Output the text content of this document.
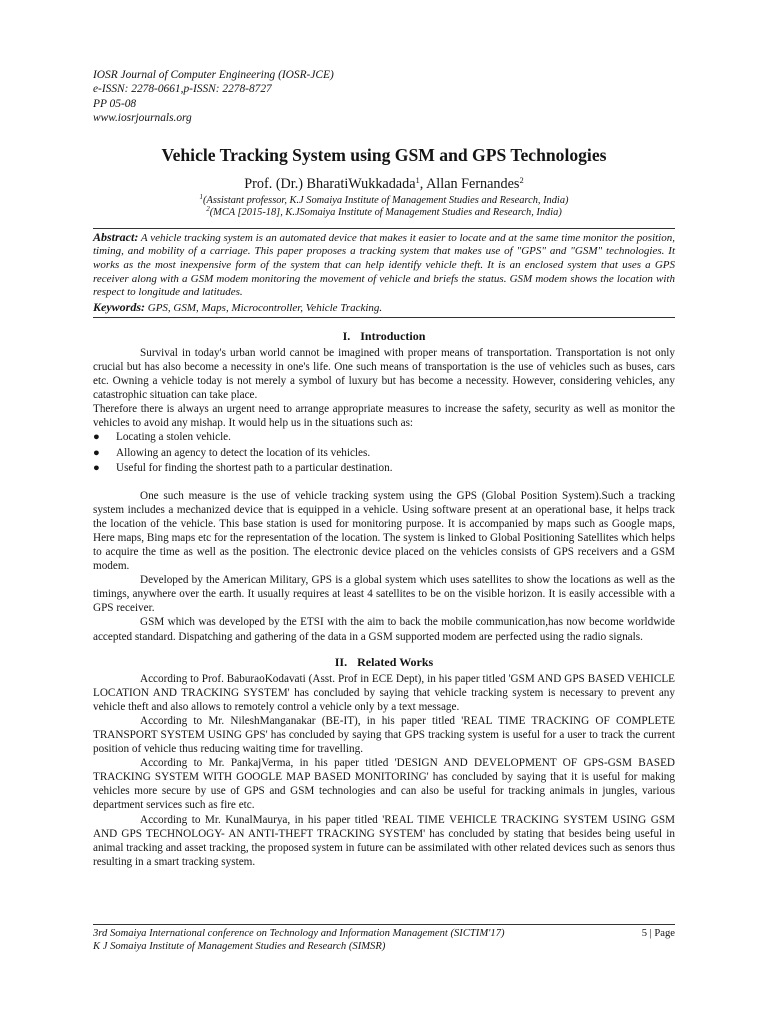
IOSR Journal of Computer Engineering (IOSR-JCE)
e-ISSN: 2278-0661,p-ISSN: 2278-8727
PP 05-08
www.iosrjournals.org
Vehicle Tracking System using GSM and GPS Technologies
Prof. (Dr.) BharatiWukkadada$^1$, Allan Fernandes$^2$
$^1$(Assistant professor, K.J Somaiya Institute of Management Studies and Research, India)
$^2$(MCA [2015-18], K.JSomaiya Institute of Management Studies and Research, India)
Abstract: A vehicle tracking system is an automated device that makes it easier to locate and at the same time monitor the position, timing, and mobility of a carriage. This paper proposes a tracking system that makes use of "GPS" and "GSM" technologies. It works as the most inexpensive form of the system that can help identify vehicle theft. It is an enclosed system that uses a GPS receiver along with a GSM modem monitoring the movement of vehicle and briefs the status. GSM modem shows the location with respect to longitude and latitudes.
Keywords: GPS, GSM, Maps, Microcontroller, Vehicle Tracking.
I. Introduction

Survival in today's urban world cannot be imagined with proper means of transportation. Transportation is not only crucial but has also become a necessity in one's life. One such means of transportation is the use of vehicles such as buses, cars etc. Owning a vehicle today is not merely a symbol of luxury but has become a necessity. However, considering vehicles, any catastrophic situation can take place.

Therefore there is always an urgent need to arrange appropriate measures to increase the safety, security as well as monitor the vehicles to avoid any mishap. It would help us in the situations such as:

● Locating a stolen vehicle.
● Allowing an agency to detect the location of its vehicles.
● Useful for finding the shortest path to a particular destination.

One such measure is the use of vehicle tracking system using the GPS (Global Position System).Such a tracking system includes a mechanized device that is equipped in a vehicle. Using software present at an operational base, it helps track the location of the vehicle. This base station is used for monitoring purpose. It is accompanied by maps such as Google maps, Here maps, Bing maps etc for the representation of the location. The system is linked to Global Positioning Satellites which helps to acquire the time as well as the position. The electronic device placed on the vehicles consists of GPS receivers and a GSM modem.

Developed by the American Military, GPS is a global system which uses satellites to show the locations as well as the timings, anywhere over the earth. It usually requires at least 4 satellites to be on the visible horizon. It is easily accessible with a GPS receiver.

GSM which was developed by the ETSI with the aim to back the mobile communication,has now become worldwide accepted standard. Dispatching and gathering of the data in a GSM supported modem are perfected using the radio signals.

II. Related Works

According to Prof. BaburaoKodavati (Asst. Prof in ECE Dept), in his paper titled 'GSM AND GPS BASED VEHICLE LOCATION AND TRACKING SYSTEM' has concluded by saying that vehicle tracking system is necessary to prevent any vehicle theft and also allows to remotely control a vehicle only by a text message.

According to Mr. NileshManganakar (BE-IT), in his paper titled 'REAL TIME TRACKING OF COMPLETE TRANSPORT SYSTEM USING GPS' has concluded by saying that GPS tracking system is useful for a user to track the current position of vehicle thus reducing waiting time for travelling.

According to Mr. PankajVerma, in his paper titled 'DESIGN AND DEVELOPMENT OF GPS-GSM BASED TRACKING SYSTEM WITH GOOGLE MAP BASED MONITORING' has concluded by saying that it is useful for making vehicles more secure by use of GPS and GSM technologies and can also be useful for tracking animals in jungles, various department services such as fire etc.

According to Mr. KunalMaurya, in his paper titled 'REAL TIME VEHICLE TRACKING SYSTEM USING GSM AND GPS TECHNOLOGY- AN ANTI-THEFT TRACKING SYSTEM' has concluded by stating that besides being useful in animal tracking and asset tracking, the proposed system in future can be assimilated with other related devices such as senors thus resulting in a smart tracking system.

3rd Somaiya International conference on Technology and Information Management (SICTIM'17)	5 | Page
K J Somaiya Institute of Management Studies and Research (SIMSR)
